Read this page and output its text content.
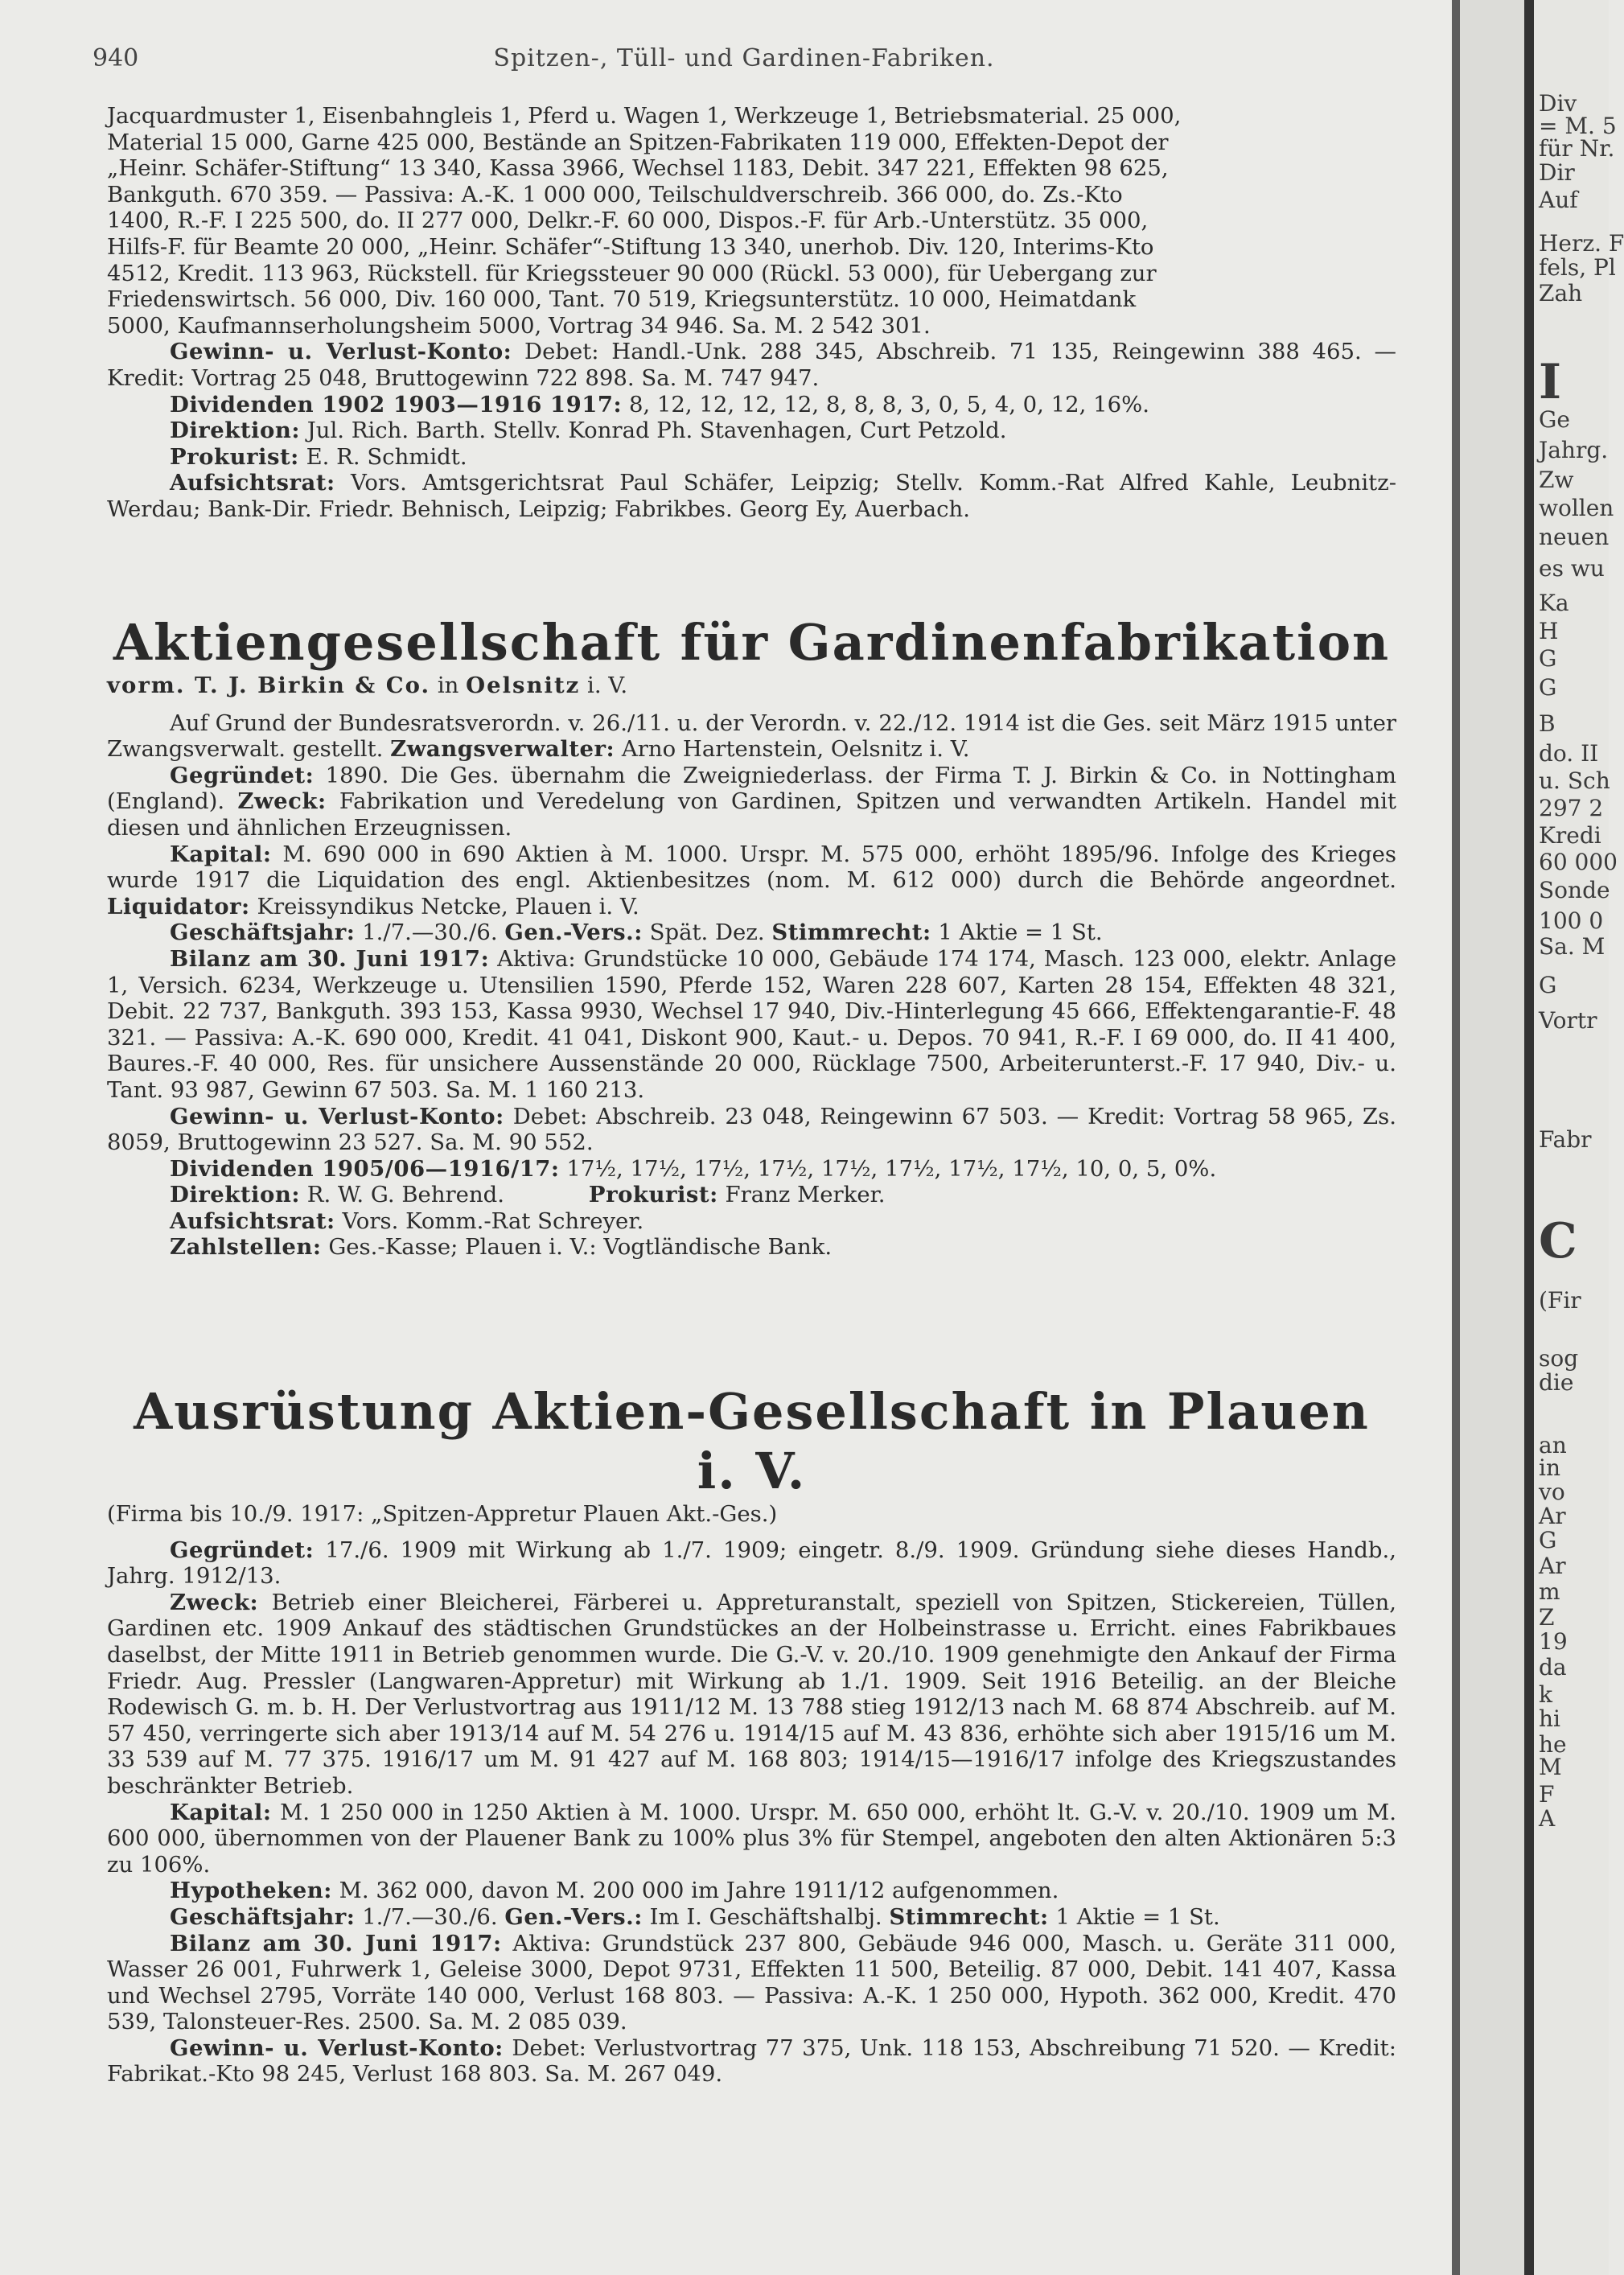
940	Spitzen-, Tüll- und Gardinen-Fabriken.

Jacquardmuster 1, Eisenbahngleis 1, Pferd u. Wagen 1, Werkzeuge 1, Betriebsmaterial. 25 000,

Material 15 000, Garne 425 000, Bestände an Spitzen-Fabrikaten 119 000, Effekten-Depot der

„Heinr. Schäfer-Stiftung“ 13 340, Kassa 3966, Wechsel 1183, Debit. 347 221, Effekten 98 625,

Bankguth. 670 359. — Passiva: A.-K. 1 000 000, Teilschuldverschreib. 366 000, do. Zs.-Kto

1400, R.-F. I 225 500, do. II 277 000, Delkr.-F. 60 000, Dispos.-F. für Arb.-Unterstütz. 35 000,

Hilfs-F. für Beamte 20 000, „Heinr. Schäfer“-Stiftung 13 340, unerhob. Div. 120, Interims-Kto

4512, Kredit. 113 963, Rückstell. für Kriegssteuer 90 000 (Rückl. 53 000), für Uebergang zur

Friedenswirtsch. 56 000, Div. 160 000, Tant. 70 519, Kriegsunterstütz. 10 000, Heimatdank

5000, Kaufmannserholungsheim 5000, Vortrag 34 946. Sa. M. 2 542 301.

Gewinn- u. Verlust-Konto: Debet: Handl.-Unk. 288 345, Abschreib. 71 135, Reingewinn 388 465. — Kredit: Vortrag 25 048, Bruttogewinn 722 898. Sa. M. 747 947.

Dividenden 1902 1903—1916 1917: 8, 12, 12, 12, 12, 8, 8, 8, 3, 0, 5, 4, 0, 12, 16%.

Direktion: Jul. Rich. Barth. Stellv. Konrad Ph. Stavenhagen, Curt Petzold.

Prokurist: E. R. Schmidt.

Aufsichtsrat: Vors. Amtsgerichtsrat Paul Schäfer, Leipzig; Stellv. Komm.-Rat Alfred Kahle, Leubnitz-Werdau; Bank-Dir. Friedr. Behnisch, Leipzig; Fabrikbes. Georg Ey, Auerbach.

Aktiengesellschaft für Gardinenfabrikation

vorm. T. J. Birkin & Co. in Oelsnitz i. V.

Auf Grund der Bundesratsverordn. v. 26./11. u. der Verordn. v. 22./12. 1914 ist die Ges. seit März 1915 unter Zwangsverwalt. gestellt. Zwangsverwalter: Arno Hartenstein, Oelsnitz i. V.

Gegründet: 1890. Die Ges. übernahm die Zweigniederlass. der Firma T. J. Birkin & Co. in Nottingham (England). Zweck: Fabrikation und Veredelung von Gardinen, Spitzen und verwandten Artikeln. Handel mit diesen und ähnlichen Erzeugnissen.

Kapital: M. 690 000 in 690 Aktien à M. 1000. Urspr. M. 575 000, erhöht 1895/96. Infolge des Krieges wurde 1917 die Liquidation des engl. Aktienbesitzes (nom. M. 612 000) durch die Behörde angeordnet. Liquidator: Kreissyndikus Netcke, Plauen i. V.

Geschäftsjahr: 1./7.—30./6. Gen.-Vers.: Spät. Dez. Stimmrecht: 1 Aktie = 1 St.

Bilanz am 30. Juni 1917: Aktiva: Grundstücke 10 000, Gebäude 174 174, Masch. 123 000, elektr. Anlage 1, Versich. 6234, Werkzeuge u. Utensilien 1590, Pferde 152, Waren 228 607, Karten 28 154, Effekten 48 321, Debit. 22 737, Bankguth. 393 153, Kassa 9930, Wechsel 17 940, Div.-Hinterlegung 45 666, Effektengarantie-F. 48 321. — Passiva: A.-K. 690 000, Kredit. 41 041, Diskont 900, Kaut.- u. Depos. 70 941, R.-F. I 69 000, do. II 41 400, Baures.-F. 40 000, Res. für unsichere Aussenstände 20 000, Rücklage 7500, Arbeiterunterst.-F. 17 940, Div.- u. Tant. 93 987, Gewinn 67 503. Sa. M. 1 160 213.

Gewinn- u. Verlust-Konto: Debet: Abschreib. 23 048, Reingewinn 67 503. — Kredit: Vortrag 58 965, Zs. 8059, Bruttogewinn 23 527. Sa. M. 90 552.

Dividenden 1905/06—1916/17: 17½, 17½, 17½, 17½, 17½, 17½, 17½, 17½, 10, 0, 5, 0%.

Direktion: R. W. G. Behrend.	Prokurist: Franz Merker.

Aufsichtsrat: Vors. Komm.-Rat Schreyer.

Zahlstellen: Ges.-Kasse; Plauen i. V.: Vogtländische Bank.

Ausrüstung Aktien-Gesellschaft in Plauen i. V.

(Firma bis 10./9. 1917: „Spitzen-Appretur Plauen Akt.-Ges.)

Gegründet: 17./6. 1909 mit Wirkung ab 1./7. 1909; eingetr. 8./9. 1909. Gründung siehe dieses Handb., Jahrg. 1912/13.

Zweck: Betrieb einer Bleicherei, Färberei u. Appreturanstalt, speziell von Spitzen, Stickereien, Tüllen, Gardinen etc. 1909 Ankauf des städtischen Grundstückes an der Holbeinstrasse u. Erricht. eines Fabrikbaues daselbst, der Mitte 1911 in Betrieb genommen wurde. Die G.-V. v. 20./10. 1909 genehmigte den Ankauf der Firma Friedr. Aug. Pressler (Langwaren-Appretur) mit Wirkung ab 1./1. 1909. Seit 1916 Beteilig. an der Bleiche Rodewisch G. m. b. H. Der Verlustvortrag aus 1911/12 M. 13 788 stieg 1912/13 nach M. 68 874 Abschreib. auf M. 57 450, verringerte sich aber 1913/14 auf M. 54 276 u. 1914/15 auf M. 43 836, erhöhte sich aber 1915/16 um M. 33 539 auf M. 77 375. 1916/17 um M. 91 427 auf M. 168 803; 1914/15—1916/17 infolge des Kriegszustandes beschränkter Betrieb.

Kapital: M. 1 250 000 in 1250 Aktien à M. 1000. Urspr. M. 650 000, erhöht lt. G.-V. v. 20./10. 1909 um M. 600 000, übernommen von der Plauener Bank zu 100% plus 3% für Stempel, angeboten den alten Aktionären 5:3 zu 106%.

Hypotheken: M. 362 000, davon M. 200 000 im Jahre 1911/12 aufgenommen.

Geschäftsjahr: 1./7.—30./6. Gen.-Vers.: Im I. Geschäftshalbj. Stimmrecht: 1 Aktie = 1 St.

Bilanz am 30. Juni 1917: Aktiva: Grundstück 237 800, Gebäude 946 000, Masch. u. Geräte 311 000, Wasser 26 001, Fuhrwerk 1, Geleise 3000, Depot 9731, Effekten 11 500, Beteilig. 87 000, Debit. 141 407, Kassa und Wechsel 2795, Vorräte 140 000, Verlust 168 803. — Passiva: A.-K. 1 250 000, Hypoth. 362 000, Kredit. 470 539, Talonsteuer-Res. 2500. Sa. M. 2 085 039.

Gewinn- u. Verlust-Konto: Debet: Verlustvortrag 77 375, Unk. 118 153, Abschreibung 71 520. — Kredit: Fabrikat.-Kto 98 245, Verlust 168 803. Sa. M. 267 049.

Div
= M. 5
für Nr.
Dir
Auf
Herz. F
fels, Pl
Zah
I
Ge
Jahrg.
Zw
wollen
neuen
es wu
Ka
H
G
G
B
do. II
u. Sch
297 2
Kredi
60 000
Sonde
100 0
Sa. M
G
Vortr
Fabr
C
(Fir
sog
die
an
in
vo
Ar
G
Ar
m
Z
19
da
k
hi
he
M
F
A
